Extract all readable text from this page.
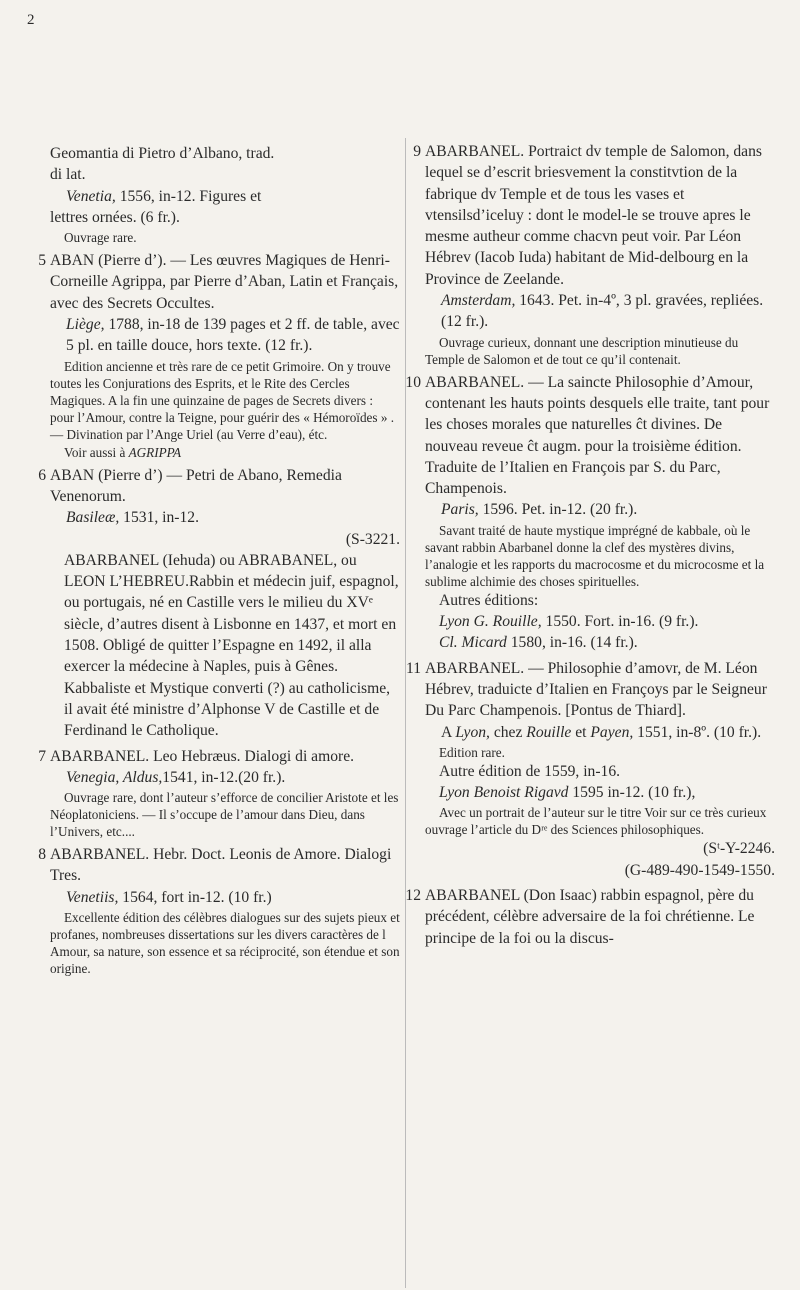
2

Geomantia di Pietro d’Albano, trad.

di lat.

Venetia, 1556, in-12. Figures et

lettres ornées. (6 fr.).

Ouvrage rare.

5 ABAN (Pierre d’). — Les œuvres Magiques de Henri-Corneille Agrippa, par Pierre d’Aban, Latin et Français, avec des Secrets Occultes.

Liège, 1788, in-18 de 139 pages et 2 ff. de table, avec 5 pl. en taille douce, hors texte. (12 fr.).

Edition ancienne et très rare de ce petit Grimoire. On y trouve toutes les Conjurations des Esprits, et le Rite des Cercles Magiques. A la fin une quinzaine de pages de Secrets divers : pour l’Amour, contre la Teigne, pour guérir des « Hémoroïdes » . — Divination par l’Ange Uriel (au Verre d’eau), étc.

Voir aussi à AGRIPPA

6 ABAN (Pierre d’) — Petri de Abano, Remedia Venenorum.

Basileæ, 1531, in-12.

(S-3221.

ABARBANEL (Iehuda) ou ABRABANEL, ou LEON L’HEBREU.Rabbin et médecin juif, espagnol, ou portugais, né en Castille vers le milieu du XVᵉ siècle, d’autres disent à Lisbonne en 1437, et mort en 1508. Obligé de quitter l’Espagne en 1492, il alla exercer la médecine à Naples, puis à Gênes. Kabbaliste et Mystique converti (?) au catholicisme, il avait été ministre d’Alphonse V de Castille et de Ferdinand le Catholique.

7 ABARBANEL. Leo Hebræus. Dialogi di amore.

Venegia, Aldus,1541, in-12.(20 fr.).

Ouvrage rare, dont l’auteur s’efforce de concilier Aristote et les Néoplatoniciens. — Il s’occupe de l’amour dans Dieu, dans l’Univers, etc....

8 ABARBANEL. Hebr. Doct. Leonis de Amore. Dialogi Tres.

Venetiis, 1564, fort in-12. (10 fr.)

Excellente édition des célèbres dialogues sur des sujets pieux et profanes, nombreuses dissertations sur les divers caractères de l Amour, sa nature, son essence et sa réciprocité, son étendue et son origine.

9 ABARBANEL. Portraict dv temple de Salomon, dans lequel se d’escrit briesvement la constitvtion de la fabrique dv Temple et de tous les vases et vtensilsd’iceluy : dont le model-le se trouve apres le mesme autheur comme chacvn peut voir. Par Léon Hébrev (Iacob Iuda) habitant de Mid-delbourg en la Province de Zeelande.

Amsterdam, 1643. Pet. in-4º, 3 pl. gravées, repliées. (12 fr.).

Ouvrage curieux, donnant une description minutieuse du Temple de Salomon et de tout ce qu’il contenait.

10 ABARBANEL. — La saincte Philosophie d’Amour, contenant les hauts points desquels elle traite, tant pour les choses morales que naturelles ĉt divines. De nouveau reveue ĉt augm. pour la troisième édition. Traduite de l’Italien en François par S. du Parc, Champenois.

Paris, 1596. Pet. in-12. (20 fr.).

Savant traité de haute mystique imprégné de kabbale, où le savant rabbin Abarbanel donne la clef des mystères divins, l’analogie et les rapports du macrocosme et du microcosme et la sublime alchimie des choses spirituelles.

Autres éditions:

Lyon G. Rouille, 1550. Fort. in-16. (9 fr.).

Cl. Micard 1580, in-16. (14 fr.).

11 ABARBANEL. — Philosophie d’amovr, de M. Léon Hébrev, traduicte d’Italien en Françoys par le Seigneur Du Parc Champenois. [Pontus de Thiard].

A Lyon, chez Rouille et Payen, 1551, in-8º. (10 fr.).

Edition rare.

Autre édition de 1559, in-16.

Lyon Benoist Rigavd 1595 in-12. (10 fr.),

Avec un portrait de l’auteur sur le titre Voir sur ce très curieux ouvrage l’article du Dʳᵉ des Sciences philosophiques.

(Sᵗ-Y-2246.

(G-489-490-1549-1550.

12 ABARBANEL (Don Isaac) rabbin espagnol, père du précédent, célèbre adversaire de la foi chrétienne. Le principe de la foi ou la discus-
